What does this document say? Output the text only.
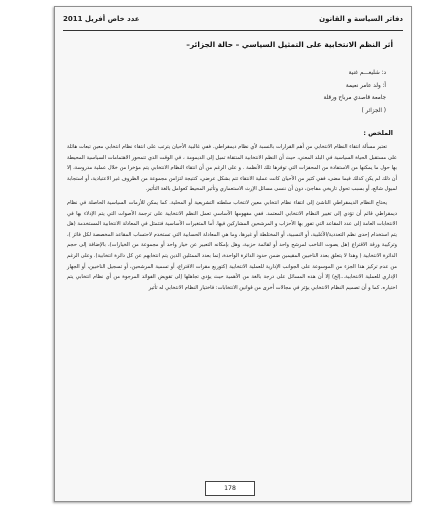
عدد خاص أفريل 2011	دفاتر السياسة و القانون
أثر النظم الانتخابية على التمثيل السياسي – حالة الجزائر–
د: شليغـــم غنية
أ: ولد عامر نعيمة
جامعة قاصدي مرباح ورقلة
( الجزائر )
الملخص :

تعتبر مسألة انتقاء النظام الانتخابي من أهم القرارات بالنسبة لأي نظام ديمقراطي. ففي غالبية الأحيان يترتب على انتقاء نظام انتخابي معين تبعات هائلة على مستقبل الحياة السياسية في البلد المعني، حيث أن النظم الانتخابية المنتقاة تميل إلى الديمومة ، في الوقت الذي تتمحور الاهتمامات السياسية المحيطة بها حول ما يمكنها من الاستفادة من المحفزات التي توفرها تلك الأنظمة . و على الرغم من أن انتقاء النظام الانتخابي يتم مؤخرا من خلال عملية مدروسة، إلا أن ذلك لم يكن كذلك فيما مضى، ففي كثير من الأحيان كانت عملية الانتقاء تتم بشكل عرضي، كنتيجة لتزامن مجموعة من الظروف غير الاعتيادية، أو استجابة لميول شائع، أو بسبب تحول تاريخي مفاجئ، دون أن ننسى مسائل الإرث الاستعماري وتأثير المحيط كعوامل بالغة التأثير.

يحتاج النظام الديمقراطي الناشئ إلى انتقاء نظام انتخابي معين لانتخاب سلطته التشريعية أو المحلية. كما يمكن للأزمات السياسية الحاصلة في نظام ديمقراطي قائم أن تؤدي إلى تغيير النظام الانتخابي المعتمد. ففي مفهومها الأساسي تعمل النظم الانتخابية على ترجمة الأصوات التي يتم الإدلاء بها في الانتخابات العامة إلى عدد المقاعد التي تفوز بها الأحزاب و المرشحين المشاركين فيها. أما المتغيرات الأساسية فتتمثل في المعادلة الانتخابية المستخدمة (هل يتم استخدام إحدى نظم التعددية/الأغلبية، أو النسبية، أو المختلطة أو غيرها، وما هي المعادلة الحسابية التي تستخدم لاحتساب المقاعد المخصصة لكل فائز )، وتركيبة ورقة الاقتراع (هل يصوت الناخب لمرشح واحد أو لقائمة حزبية، وهل بإمكانه التعبير عن خيار واحد أو مجموعة من الخيارات)، بالإضافة إلى حجم الدائرة الانتخابية ( وهذا لا يتعلق بعدد الناخبين المقيمين ضمن حدود الدائرة الواحدة، إنما بعدد الممثلين الذين يتم انتخابهم عن كل دائرة انتخابية). وعلى الرغم من عدم تركيز هذا الجزء من الموسوعة على الجوانب الإدارية للعملية الانتخابية (كتوزيع مقرات الاقتراع، أو تسمية المرشحين، أو تسجيل الناخبين، أو الجهاز الإداري للعملية الانتخابية...إلخ) إلا أن هذه المسائل على درجة بالغة من الأهمية حيث يؤدي تجاهلها إلى تقويض الفوائد المرجوة من أي نظام انتخابي يتم اختياره. كما و أن تصميم النظام الانتخابي يؤثر في مجالات أخرى من قوانين الانتخابات: فاختيار النظام الانتخابي له تأثير

178
